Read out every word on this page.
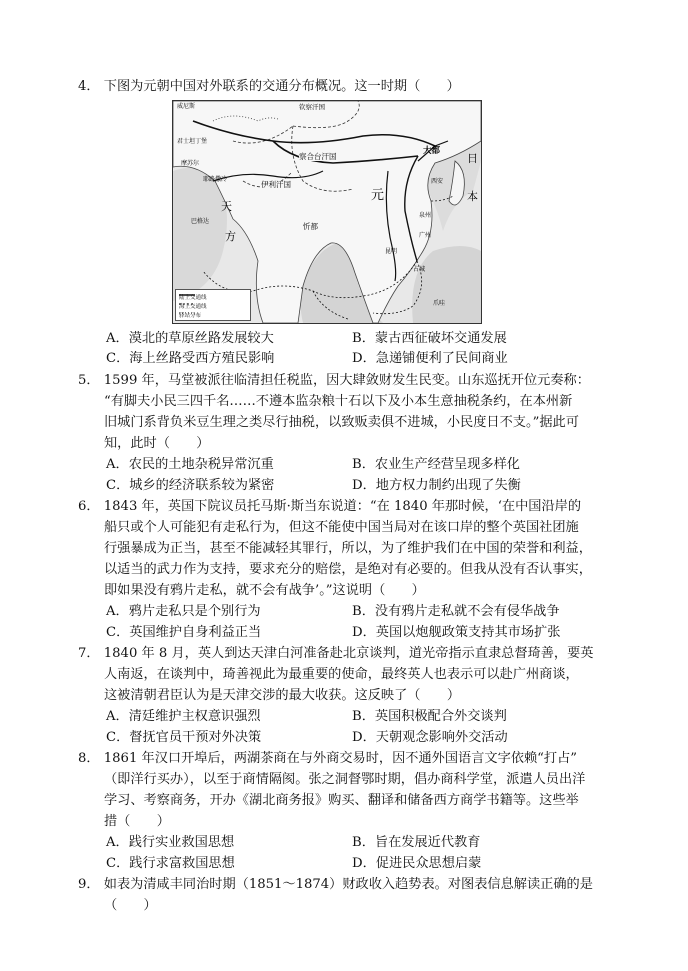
4． 下图为元朝中国对外联系的交通分布概况。这一时期（　　）
威尼斯	钦察汗国
君士坦丁堡
察合台汗国
耶路撒冷
摩苏尔
伊利汗国
大都
元
天
方
日
本
西安
泉州
广州
昆明
占城
忻都
爪哇
巴格达
陆上交通线
海上交通线
驿站分布
A．漠北的草原丝路发展较大	B．蒙古西征破坏交通发展
C．海上丝路受西方殖民影响	D．急递铺便利了民间商业
5． 1599 年，马堂被派往临清担任税监，因大肆敛财发生民变。山东巡抚开位元奏称：
“有脚夫小民三四千名……不遵本监杂粮十石以下及小本生意抽税条约，在本州新
旧城门系背负米豆生理之类尽行抽税，以致贩卖俱不进城，小民度日不支。”据此可
知，此时（　　）
A．农民的土地杂税异常沉重	B．农业生产经营呈现多样化
C．城乡的经济联系较为紧密	D．地方权力制约出现了失衡
6． 1843 年，英国下院议员托马斯·斯当东说道：“在 1840 年那时候，‘在中国沿岸的
船只或个人可能犯有走私行为，但这不能使中国当局对在该口岸的整个英国社团施
行强暴成为正当，甚至不能减轻其罪行，所以，为了维护我们在中国的荣誉和利益，
以适当的武力作为支持，要求充分的赔偿，是绝对有必要的。但我从没有否认事实，
即如果没有鸦片走私，就不会有战争’。”这说明（　　）
A．鸦片走私只是个别行为	B．没有鸦片走私就不会有侵华战争
C．英国维护自身利益正当	D．英国以炮舰政策支持其市场扩张
7． 1840 年 8 月，英人到达天津白河准备赴北京谈判，道光帝指示直隶总督琦善，要英
人南返，在谈判中，琦善视此为最重要的使命，最终英人也表示可以赴广州商谈，
这被清朝君臣认为是天津交涉的最大收获。这反映了（　　）
A．清廷维护主权意识强烈	B．英国积极配合外交谈判
C．督抚官员干预对外决策	D．天朝观念影响外交活动
8． 1861 年汉口开埠后，两湖茶商在与外商交易时，因不通外国语言文字依赖“打占”
（即洋行买办），以至于商情隔阂。张之洞督鄂时期，倡办商科学堂，派遣人员出洋
学习、考察商务，开办《湖北商务报》购买、翻译和储备西方商学书籍等。这些举
措（　　）
A．践行实业救国思想	B．旨在发展近代教育
C．践行求富救国思想	D．促进民众思想启蒙
9． 如表为清咸丰同治时期（1851～1874）财政收入趋势表。对图表信息解读正确的是
（　　）
